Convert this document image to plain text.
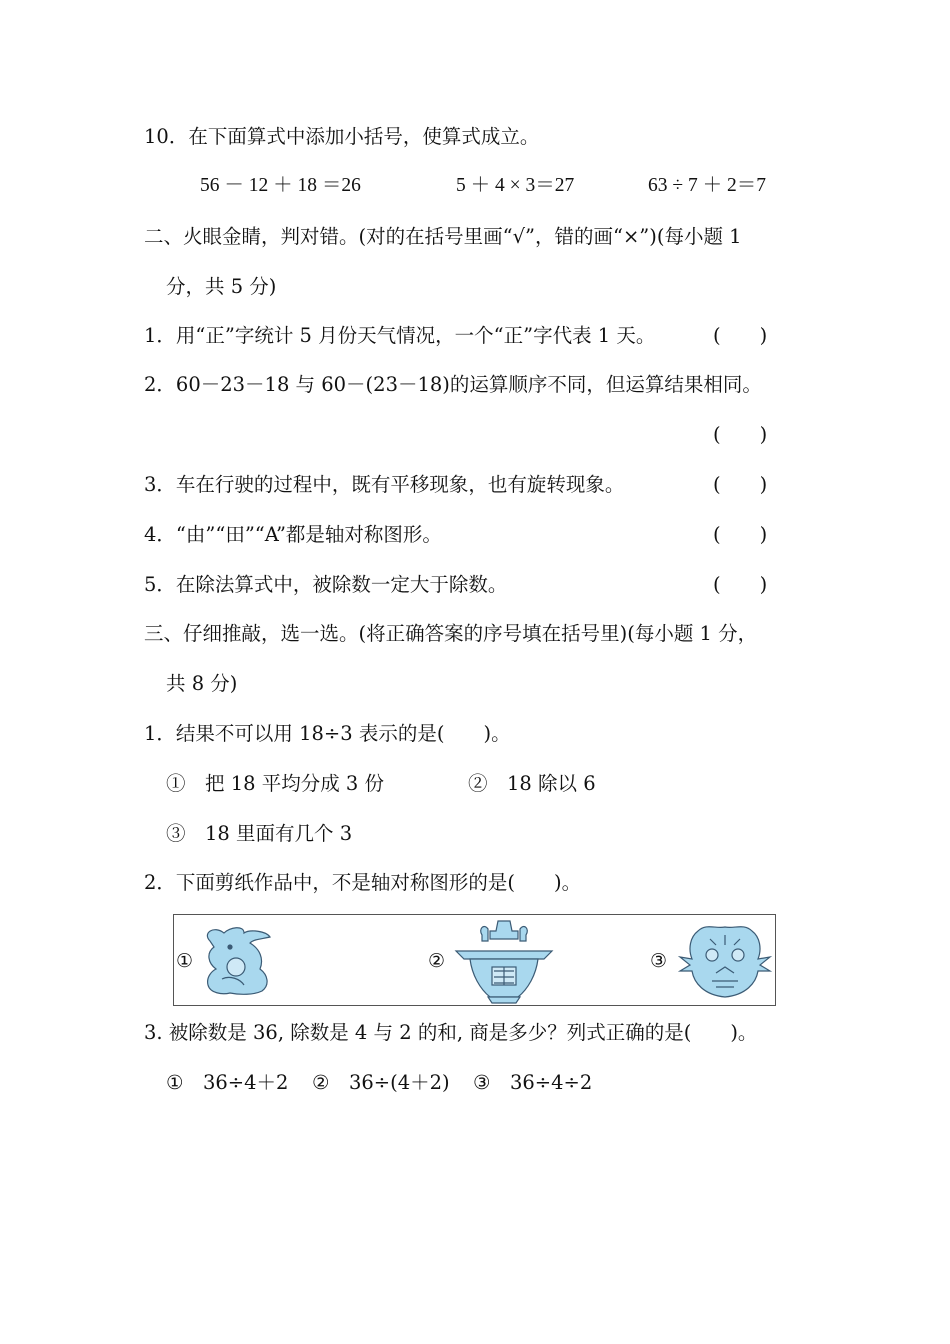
10．在下面算式中添加小括号，使算式成立。
56 － 12 ＋ 18 ＝26	5 ＋ 4 × 3＝27	63 ÷ 7 ＋ 2＝7
二、火眼金睛，判对错。(对的在括号里画“√”，错的画“×”)(每小题 1
分，共 5 分)
1．用“正”字统计 5 月份天气情况，一个“正”字代表 1 天。	(　　)
2．60－23－18 与 60－(23－18)的运算顺序不同，但运算结果相同。
(　　)
3．车在行驶的过程中，既有平移现象，也有旋转现象。	(　　)
4．“由”“田”“A”都是轴对称图形。	(　　)
5．在除法算式中，被除数一定大于除数。	(　　)
三、仔细推敲，选一选。(将正确答案的序号填在括号里)(每小题 1 分，
共 8 分)
1．结果不可以用 18÷3 表示的是(　　)。
①　把 18 平均分成 3 份	②　18 除以 6
③　18 里面有几个 3
2．下面剪纸作品中，不是轴对称图形的是(　　)。
①	②	③
3. 被除数是 36, 除数是 4 与 2 的和, 商是多少？列式正确的是(　　)。
①　36÷4＋2 ②　36÷(4＋2) ③　36÷4÷2
